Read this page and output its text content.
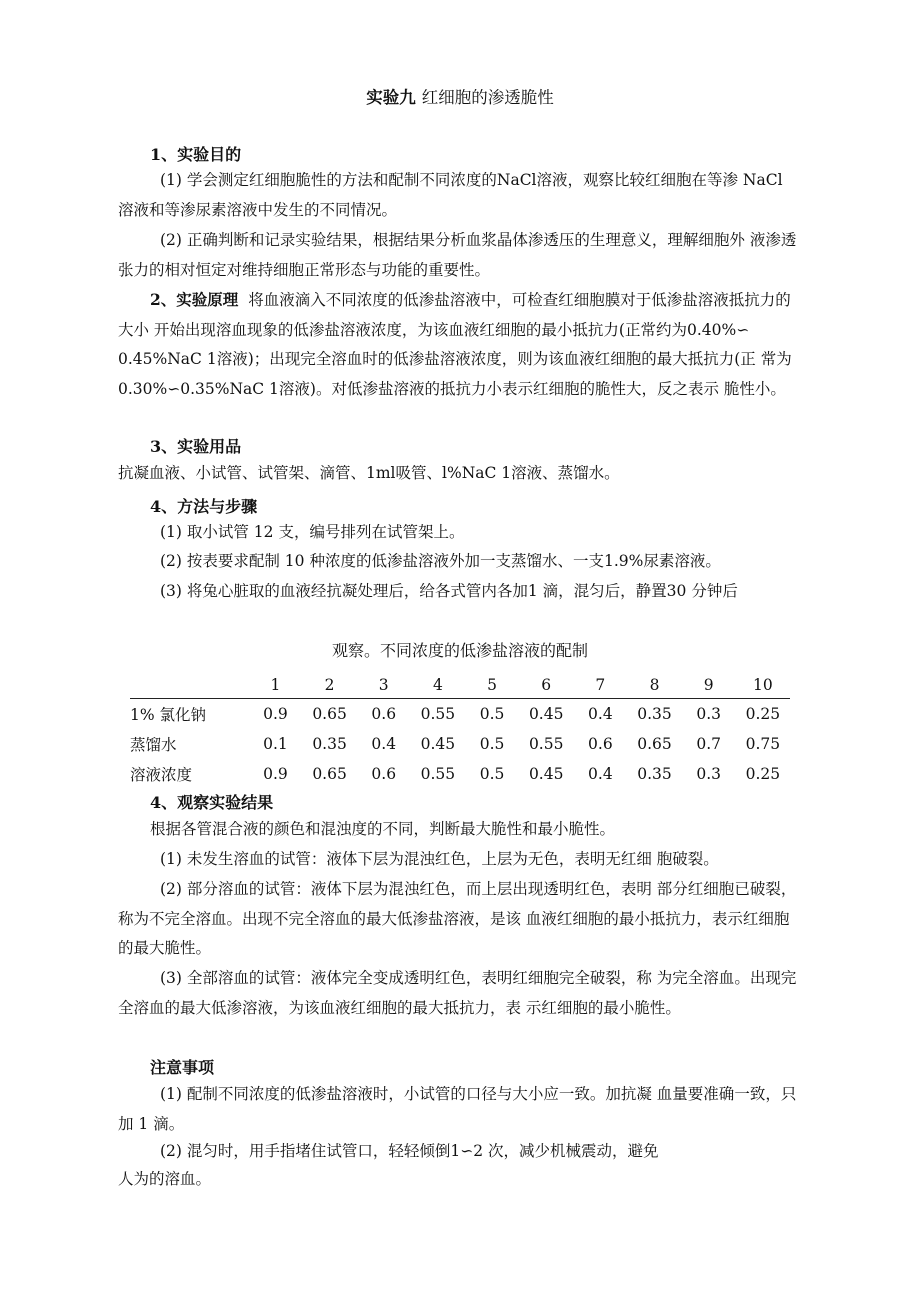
实验九 红细胞的渗透脆性
1、实验目的
(1) 学会测定红细胞脆性的方法和配制不同浓度的NaCl溶液，观察比较红细胞在等渗 NaCl 溶液和等渗尿素溶液中发生的不同情况。
(2) 正确判断和记录实验结果，根据结果分析血浆晶体渗透压的生理意义，理解细胞外 液渗透张力的相对恒定对维持细胞正常形态与功能的重要性。
2、实验原理 将血液滴入不同浓度的低渗盐溶液中，可检查红细胞膜对于低渗盐溶液抵抗力的大小 开始出现溶血现象的低渗盐溶液浓度，为该血液红细胞的最小抵抗力(正常约为0.40%∽ 0.45%NaC 1溶液)；出现完全溶血时的低渗盐溶液浓度，则为该血液红细胞的最大抵抗力(正 常为0.30%∽0.35%NaC 1溶液)。对低渗盐溶液的抵抗力小表示红细胞的脆性大，反之表示 脆性小。
3、实验用品
抗凝血液、小试管、试管架、滴管、1ml吸管、l%NaC 1溶液、蒸馏水。
4、方法与步骤
(1) 取小试管 12 支，编号排列在试管架上。
(2) 按表要求配制 10 种浓度的低渗盐溶液外加一支蒸馏水、一支1.9%尿素溶液。
(3) 将兔心脏取的血液经抗凝处理后，给各式管内各加1 滴，混匀后，静置30 分钟后
观察。不同浓度的低渗盐溶液的配制
	1	2	3	4	5	6	7	8	9	10
1% 氯化钠	0.9	0.65	0.6	0.55	0.5	0.45	0.4	0.35	0.3	0.25
蒸馏水	0.1	0.35	0.4	0.45	0.5	0.55	0.6	0.65	0.7	0.75
溶液浓度	0.9	0.65	0.6	0.55	0.5	0.45	0.4	0.35	0.3	0.25
4、观察实验结果
根据各管混合液的颜色和混浊度的不同，判断最大脆性和最小脆性。
(1) 未发生溶血的试管：液体下层为混浊红色，上层为无色，表明无红细 胞破裂。
(2) 部分溶血的试管：液体下层为混浊红色，而上层出现透明红色，表明 部分红细胞已破裂，称为不完全溶血。出现不完全溶血的最大低渗盐溶液，是该 血液红细胞的最小抵抗力，表示红细胞的最大脆性。
(3) 全部溶血的试管：液体完全变成透明红色，表明红细胞完全破裂，称 为完全溶血。出现完全溶血的最大低渗溶液，为该血液红细胞的最大抵抗力，表 示红细胞的最小脆性。
注意事项
(1) 配制不同浓度的低渗盐溶液时，小试管的口径与大小应一致。加抗凝 血量要准确一致，只加 1 滴。
(2) 混匀时，用手指堵住试管口，轻轻倾倒1∽2 次，减少机械震动，避免
人为的溶血。
